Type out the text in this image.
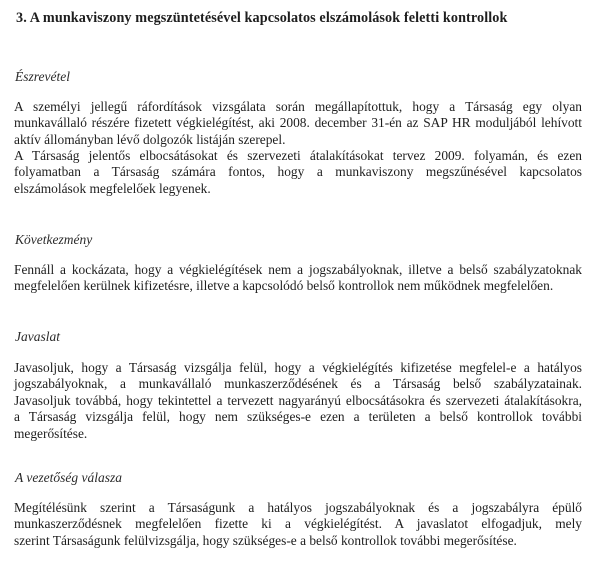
3. A munkaviszony megszüntetésével kapcsolatos elszámolások feletti kontrollok
Észrevétel

A személyi jellegű ráfordítások vizsgálata során megállapítottuk, hogy a Társaság egy olyan
munkavállaló részére fizetett végkielégítést, aki 2008. december 31-én az SAP HR moduljából lehívott
aktív állományban lévő dolgozók listáján szerepel.

A Társaság jelentős elbocsátásokat és szervezeti átalakításokat tervez 2009. folyamán, és ezen
folyamatban a Társaság számára fontos, hogy a munkaviszony megszűnésével kapcsolatos
elszámolások megfelelőek legyenek.

Következmény

Fennáll a kockázata, hogy a végkielégítések nem a jogszabályoknak, illetve a belső szabályzatoknak
megfelelően kerülnek kifizetésre, illetve a kapcsolódó belső kontrollok nem működnek megfelelően.

Javaslat

Javasoljuk, hogy a Társaság vizsgálja felül, hogy a végkielégítés kifizetése megfelel-e a hatályos
jogszabályoknak, a munkavállaló munkaszerződésének és a Társaság belső szabályzatainak.
Javasoljuk továbbá, hogy tekintettel a tervezett nagyarányú elbocsátásokra és szervezeti átalakításokra,
a Társaság vizsgálja felül, hogy nem szükséges-e ezen a területen a belső kontrollok további
megerősítése.

A vezetőség válasza

Megítélésünk szerint a Társaságunk a hatályos jogszabályoknak és a jogszabályra épülő
munkaszerződésnek megfelelően fizette ki a végkielégítést. A javaslatot elfogadjuk, mely
szerint Társaságunk felülvizsgálja, hogy szükséges-e a belső kontrollok további megerősítése.
